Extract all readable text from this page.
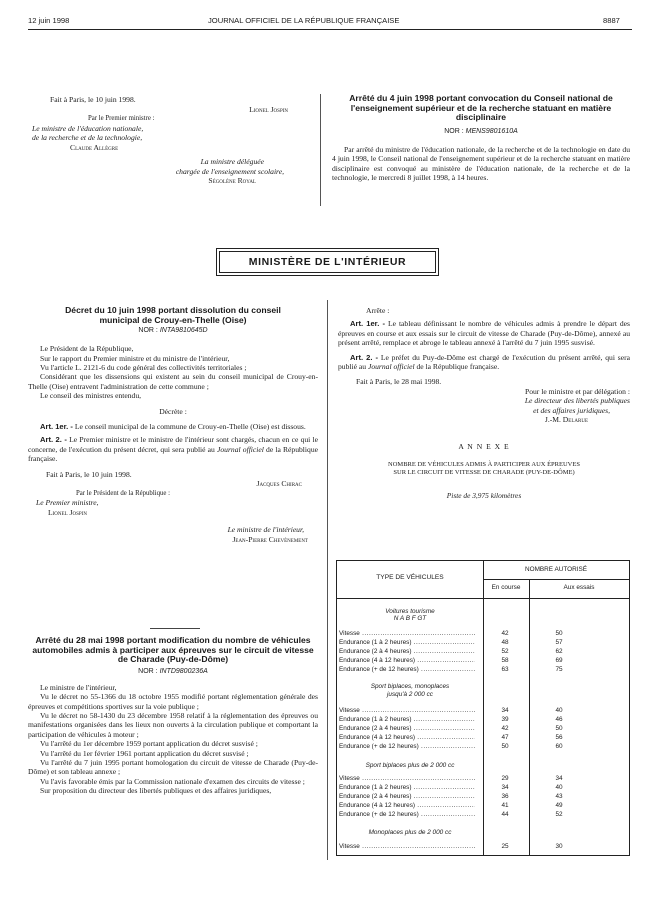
12 juin 1998	JOURNAL OFFICIEL DE LA RÉPUBLIQUE FRANÇAISE	8887
Fait à Paris, le 10 juin 1998.
Lionel Jospin
Par le Premier ministre :
Le ministre de l'éducation nationale,
de la recherche et de la technologie,
Claude Allègre
La ministre déléguée
chargée de l'enseignement scolaire,
Ségolène Royal
Arrêté du 4 juin 1998 portant convocation du Conseil national de l'enseignement supérieur et de la recherche statuant en matière disciplinaire
NOR : MENS9801610A

Par arrêté du ministre de l'éducation nationale, de la recherche et de la technologie en date du 4 juin 1998, le Conseil national de l'enseignement supérieur et de la recherche statuant en matière disciplinaire est convoqué au ministère de l'éducation nationale, de la recherche et de la technologie, le mercredi 8 juillet 1998, à 14 heures.

MINISTÈRE DE L'INTÉRIEUR
Décret du 10 juin 1998 portant dissolution du conseil municipal de Crouy-en-Thelle (Oise)
NOR : INTA9810645D

Le Président de la République,

Sur le rapport du Premier ministre et du ministre de l'intérieur,

Vu l'article L. 2121-6 du code général des collectivités territoriales ;

Considérant que les dissensions qui existent au sein du conseil municipal de Crouy-en-Thelle (Oise) entravent l'administration de cette commune ;

Le conseil des ministres entendu,

Décrète :

Art. 1er. - Le conseil municipal de la commune de Crouy-en-Thelle (Oise) est dissous.

Art. 2. - Le Premier ministre et le ministre de l'intérieur sont chargés, chacun en ce qui le concerne, de l'exécution du présent décret, qui sera publié au Journal officiel de la République française.

Fait à Paris, le 10 juin 1998.
Jacques Chirac
Par le Président de la République :
Le Premier ministre,
Lionel Jospin
Le ministre de l'intérieur,
Jean-Pierre Chevènement
Arrêté du 28 mai 1998 portant modification du nombre de véhicules automobiles admis à participer aux épreuves sur le circuit de vitesse de Charade (Puy-de-Dôme)
NOR : INTD9800236A

Le ministre de l'intérieur,

Vu le décret no 55-1366 du 18 octobre 1955 modifié portant réglementation générale des épreuves et compétitions sportives sur la voie publique ;

Vu le décret no 58-1430 du 23 décembre 1958 relatif à la réglementation des épreuves ou manifestations organisées dans les lieux non ouverts à la circulation publique et comportant la participation de véhicules à moteur ;

Vu l'arrêté du 1er décembre 1959 portant application du décret susvisé ;

Vu l'arrêté du 1er février 1961 portant application du décret susvisé ;

Vu l'arrêté du 7 juin 1995 portant homologation du circuit de vitesse de Charade (Puy-de-Dôme) et son tableau annexe ;

Vu l'avis favorable émis par la Commission nationale d'examen des circuits de vitesse ;

Sur proposition du directeur des libertés publiques et des affaires juridiques,

Arrête :

Art. 1er. - Le tableau définissant le nombre de véhicules admis à prendre le départ des épreuves en course et aux essais sur le circuit de vitesse de Charade (Puy-de-Dôme), annexé au présent arrêté, remplace et abroge le tableau annexé à l'arrêté du 7 juin 1995 susvisé.

Art. 2. - Le préfet du Puy-de-Dôme est chargé de l'exécution du présent arrêté, qui sera publié au Journal officiel de la République française.

Fait à Paris, le 28 mai 1998.
Pour le ministre et par délégation :
Le directeur des libertés publiques
et des affaires juridiques,
J.-M. Delarue
A N N E X E
NOMBRE DE VÉHICULES ADMIS À PARTICIPER AUX ÉPREUVES
SUR LE CIRCUIT DE VITESSE DE CHARADE (PUY-DE-DÔME)
Piste de 3,975 kilomètres
TYPE DE VÉHICULES
NOMBRE AUTORISÉ
En course	Aux essais
Voitures tourisme
N A B F GT
Vitesse .....	42	50
Endurance (1 à 2 heures) .....	48	57
Endurance (2 à 4 heures) .....	52	62
Endurance (4 à 12 heures) .....	58	69
Endurance (+ de 12 heures) .....	63	75
Sport biplaces, monoplaces
jusqu'à 2 000 cc
Vitesse .....	34	40
Endurance (1 à 2 heures) .....	39	46
Endurance (2 à 4 heures) .....	42	50
Endurance (4 à 12 heures) .....	47	56
Endurance (+ de 12 heures) .....	50	60
Sport biplaces plus de 2 000 cc
Vitesse .....	29	34
Endurance (1 à 2 heures) .....	34	40
Endurance (2 à 4 heures) .....	36	43
Endurance (4 à 12 heures) .....	41	49
Endurance (+ de 12 heures) .....	44	52
Monoplaces plus de 2 000 cc
Vitesse .....	25	30
